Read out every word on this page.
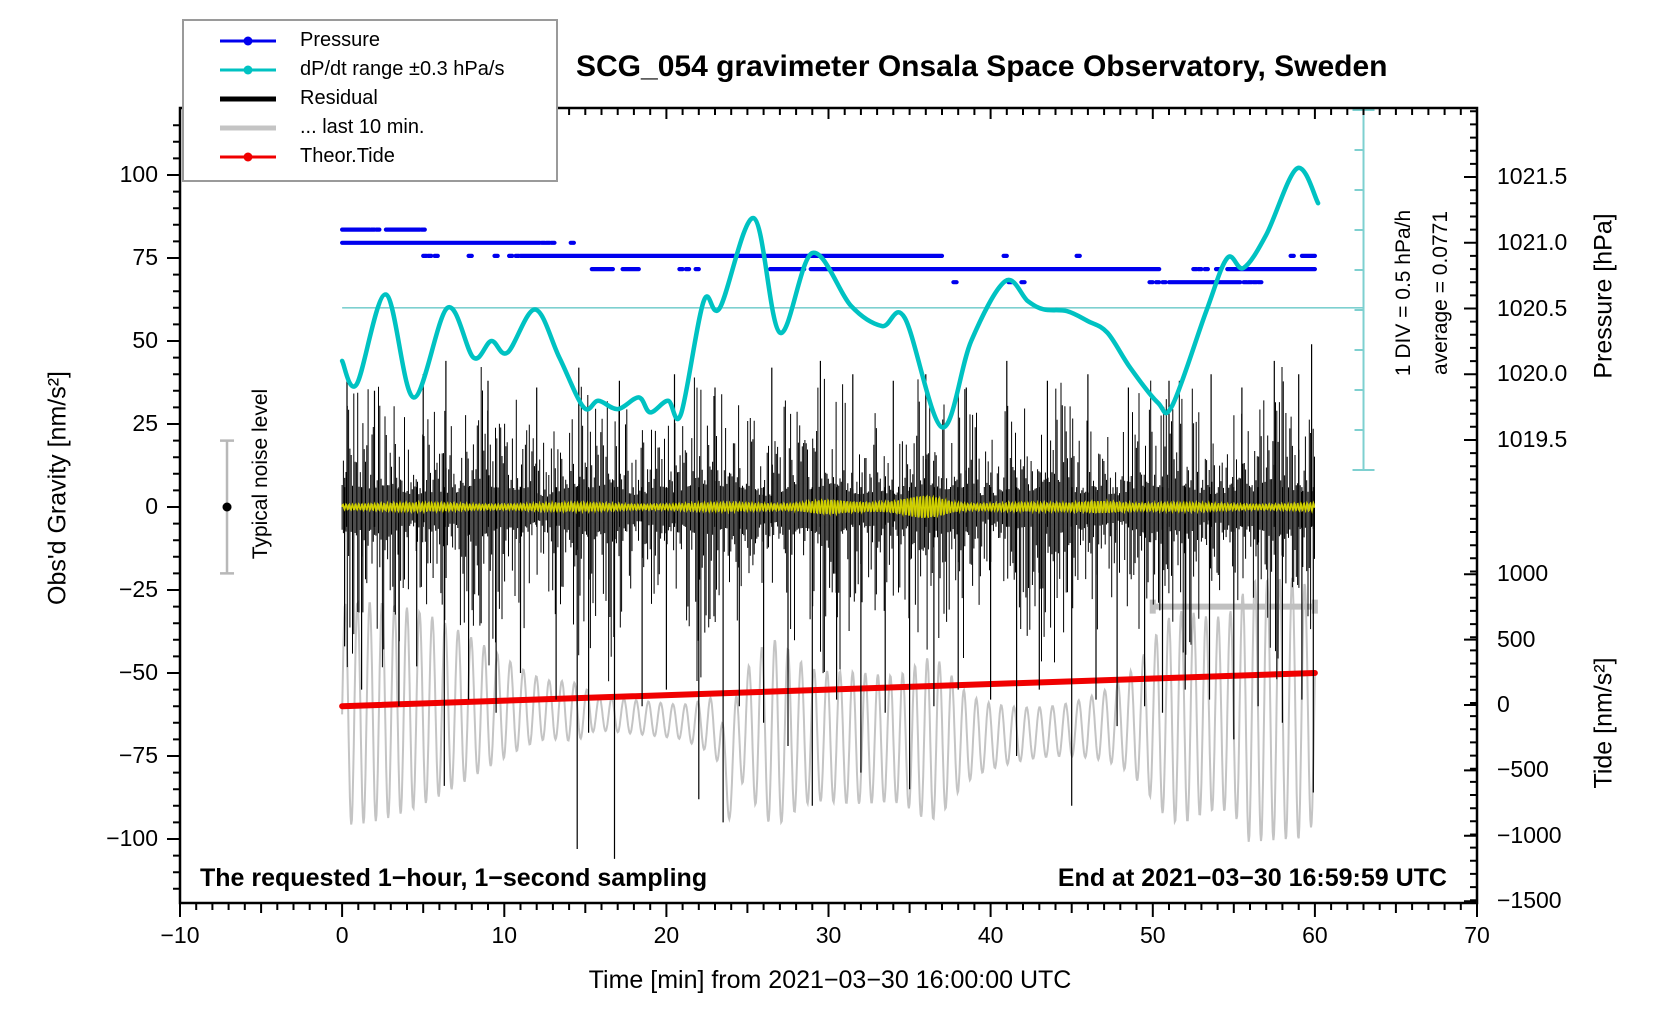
SCG_054 gravimeter Onsala Space Observatory, Sweden
Time [min] from 2021−03−30 16:00:00 UTC
Obs'd Gravity [nm/s²]
Pressure [hPa]
Tide [nm/s²]
1 DIV = 0.5 hPa/h average = 0.0771
Typical noise level
The requested 1−hour, 1−second sampling	End at 2021−03−30 16:59:59 UTC
Pressure
dP/dt range ±0.3 hPa/s
Residual
... last 10 min.
Theor.Tide
−10	0	10	20	30	40	50	60	70
100
75
50
25
0
−25
−50
−75
−100
1021.5
1021.0
1020.5
1020.0
1019.5
1000
500
0
−500
−1000
−1500
